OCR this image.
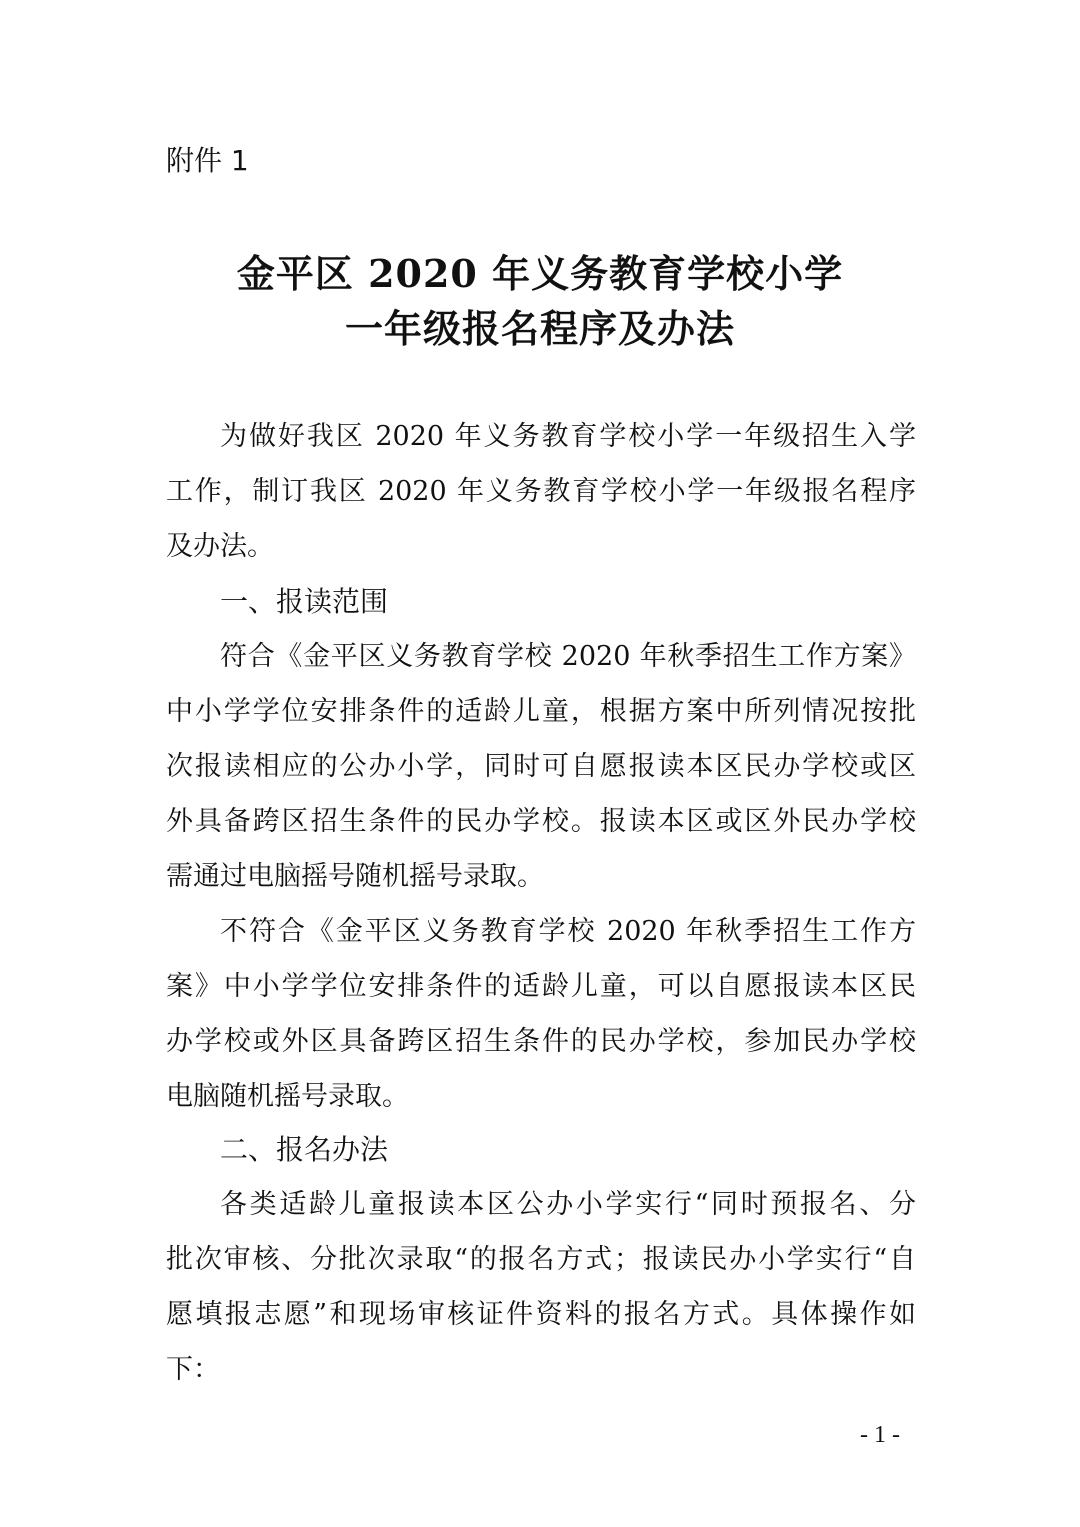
附件 1
金平区 2020 年义务教育学校小学
一年级报名程序及办法
为做好我区 2020 年义务教育学校小学一年级招生入学
工作，制订我区 2020 年义务教育学校小学一年级报名程序
及办法。
一、报读范围
符合《金平区义务教育学校 2020 年秋季招生工作方案》
中小学学位安排条件的适龄儿童，根据方案中所列情况按批
次报读相应的公办小学，同时可自愿报读本区民办学校或区
外具备跨区招生条件的民办学校。报读本区或区外民办学校
需通过电脑摇号随机摇号录取。
不符合《金平区义务教育学校 2020 年秋季招生工作方
案》中小学学位安排条件的适龄儿童，可以自愿报读本区民
办学校或外区具备跨区招生条件的民办学校，参加民办学校
电脑随机摇号录取。
二、报名办法
各类适龄儿童报读本区公办小学实行“同时预报名、分
批次审核、分批次录取“的报名方式；报读民办小学实行“自
愿填报志愿”和现场审核证件资料的报名方式。具体操作如
下：
- 1 -
